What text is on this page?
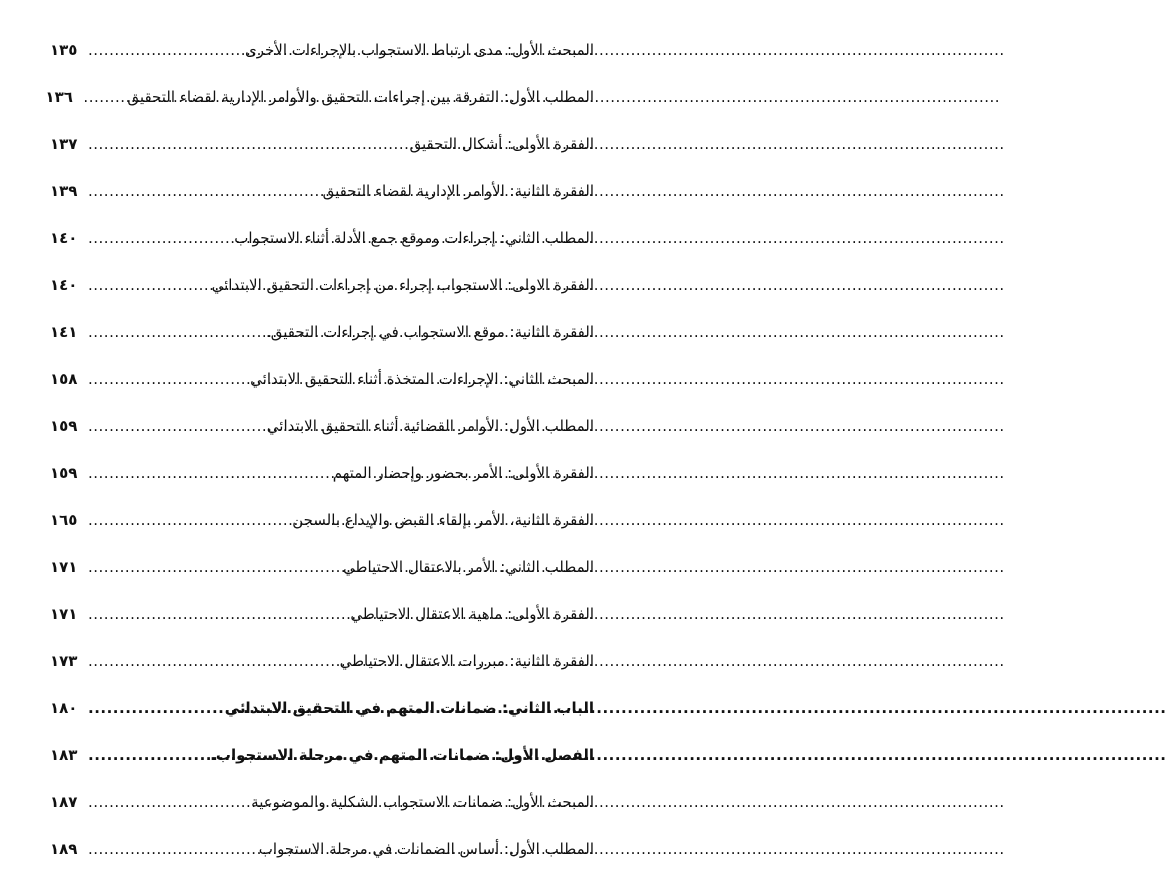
المبحث الأول: مدى ارتباط الاستجواب بالإجراءات الأخرى
.....
١٣٥
المطلب الأول: التفرقة بين إجراءات التحقيق والأوامر الإدارية لقضاء التحقيق
.....
١٣٦
الفقرة الأولى: أشكال التحقيق
.....
١٣٧
الفقرة الثانية: الأوامر الإدارية لقضاء التحقيق
.....
١٣٩
المطلب الثاني: إجراءات وموقع جمع الأدلة أثناء الاستجواب
.....
١٤٠
الفقرة الاولى: الاستجواب إجراء من إجراءات التحقيق الابتدائي
.....
١٤٠
الفقرة الثانية: موقع الاستجواب في إجراءات التحقيق.
.....
١٤١
المبحث الثاني: الإجراءات المتخذة أثناء التحقيق الابتدائي
.....
١٥٨
المطلب الأول: الأوامر القضائية أثناء التحقيق الابتدائي
.....
١٥٩
الفقرة الأولى: الأمر بحضور وإحضار المتهم
.....
١٥٩
الفقرة الثانية، الأمر بإلقاء القبض والإيداع بالسجن
.....
١٦٥
المطلب الثاني: الأمر بالاعتقال الاحتياطي
.....
١٧١
الفقرة الأولى: ماهية الاعتقال الاحتياطي
.....
١٧١
الفقرة الثانية: مبررات الاعتقال الاحتياطي
.....
١٧٣
الباب الثاني: ضمانات المتهم في التحقيق الابتدائي
.....
١٨٠
الفصل الأول: ضمانات المتهم في مرحلة الاستجواب.
.....
١٨٣
المبحث الأول: ضمانات الاستجواب الشكلية والموضوعية
.....
١٨٧
المطلب الأول: أساس الضمانات في مرحلة الاستجواب
.....
١٨٩
